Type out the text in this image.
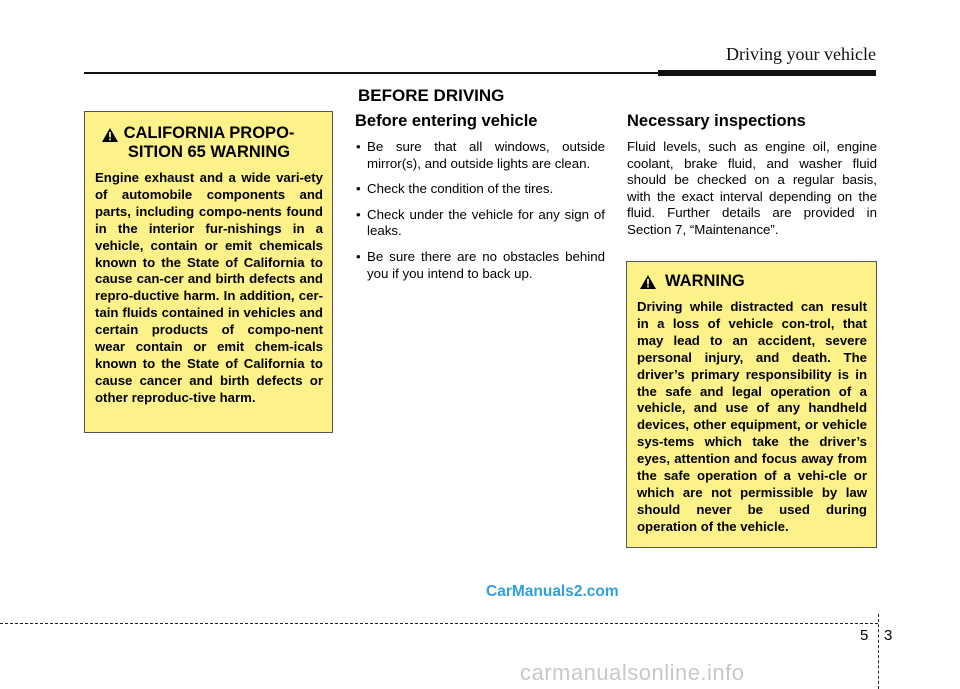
Driving your vehicle
BEFORE DRIVING
CALIFORNIA PROPO-
SITION 65 WARNING
Engine exhaust and a wide vari-ety of automobile components and parts, including compo-nents found in the interior fur-nishings in a vehicle, contain or emit chemicals known to the State of California to cause can-cer and birth defects and repro-ductive harm. In addition, cer-tain fluids contained in vehicles and certain products of compo-nent wear contain or emit chem-icals known to the State of California to cause cancer and birth defects or other reproduc-tive harm.
Before entering vehicle
• Be sure that all windows, outside mirror(s), and outside lights are clean.
• Check the condition of the tires.
• Check under the vehicle for any sign of leaks.
• Be sure there are no obstacles behind you if you intend to back up.
Necessary inspections
Fluid levels, such as engine oil, engine coolant, brake fluid, and washer fluid should be checked on a regular basis, with the exact interval depending on the fluid. Further details are provided in Section 7, “Maintenance”.
WARNING
Driving while distracted can result in a loss of vehicle con-trol, that may lead to an accident, severe personal injury, and death. The driver’s primary responsibility is in the safe and legal operation of a vehicle, and use of any handheld devices, other equipment, or vehicle sys-tems which take the driver’s eyes, attention and focus away from the safe operation of a vehi-cle or which are not permissible by law should never be used during operation of the vehicle.
CarManuals2.com
5 3
carmanualsonline.info
